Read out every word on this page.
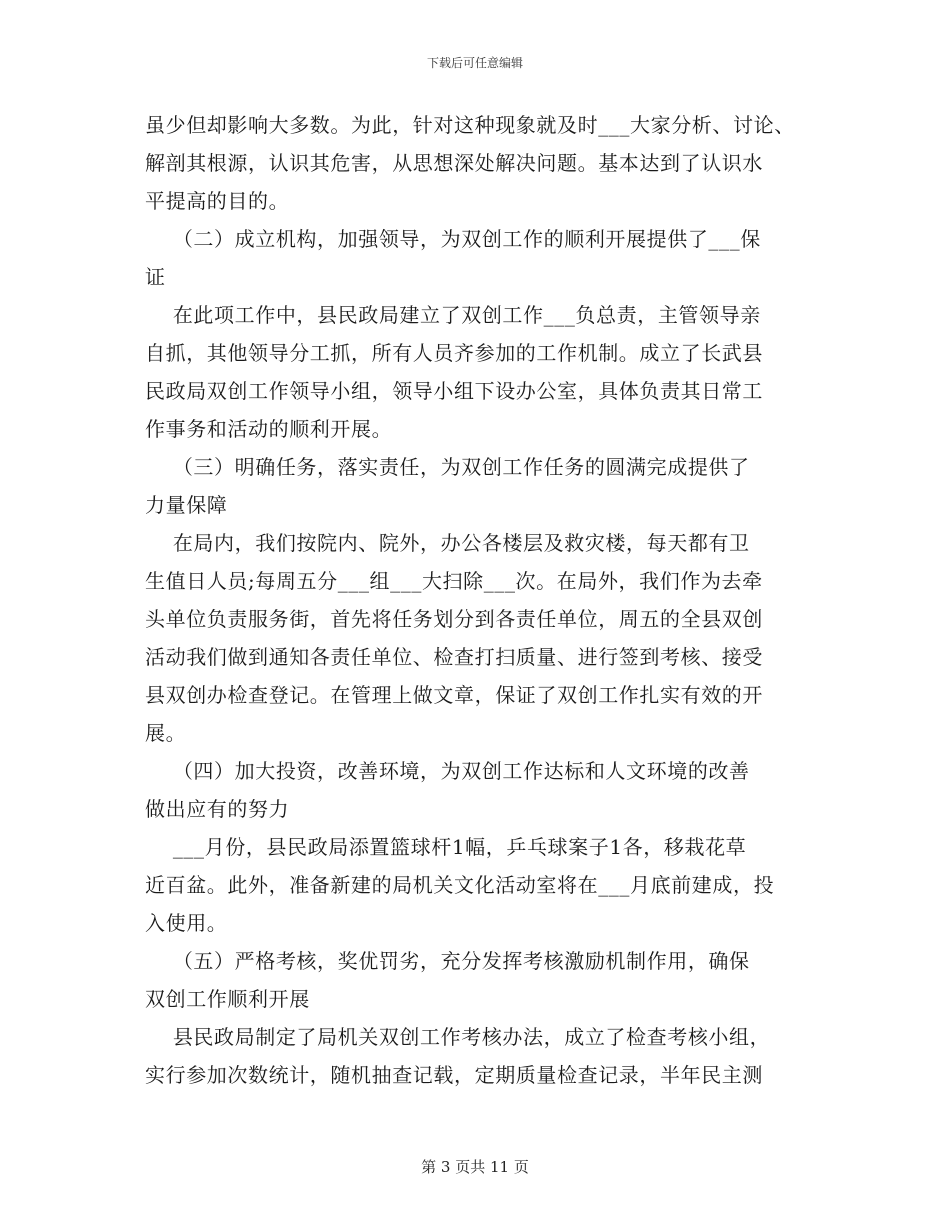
下载后可任意编辑
虽少但却影响大多数。为此，针对这种现象就及时___大家分析、讨论、
解剖其根源，认识其危害，从思想深处解决问题。基本达到了认识水
平提高的目的。
（二）成立机构，加强领导，为双创工作的顺利开展提供了___保
证
在此项工作中，县民政局建立了双创工作___负总责，主管领导亲
自抓，其他领导分工抓，所有人员齐参加的工作机制。成立了长武县
民政局双创工作领导小组，领导小组下设办公室，具体负责其日常工
作事务和活动的顺利开展。
（三）明确任务，落实责任，为双创工作任务的圆满完成提供了
力量保障
在局内，我们按院内、院外，办公各楼层及救灾楼，每天都有卫
生值日人员;每周五分___组___大扫除___次。在局外，我们作为去牵
头单位负责服务街，首先将任务划分到各责任单位，周五的全县双创
活动我们做到通知各责任单位、检查打扫质量、进行签到考核、接受
县双创办检查登记。在管理上做文章，保证了双创工作扎实有效的开
展。
（四）加大投资，改善环境，为双创工作达标和人文环境的改善
做出应有的努力
___月份，县民政局添置篮球杆1幅，乒乓球案子1各，移栽花草
近百盆。此外，准备新建的局机关文化活动室将在___月底前建成，投
入使用。
（五）严格考核，奖优罚劣，充分发挥考核激励机制作用，确保
双创工作顺利开展
县民政局制定了局机关双创工作考核办法，成立了检查考核小组，
实行参加次数统计，随机抽查记载，定期质量检查记录，半年民主测
第 3 页共 11 页
